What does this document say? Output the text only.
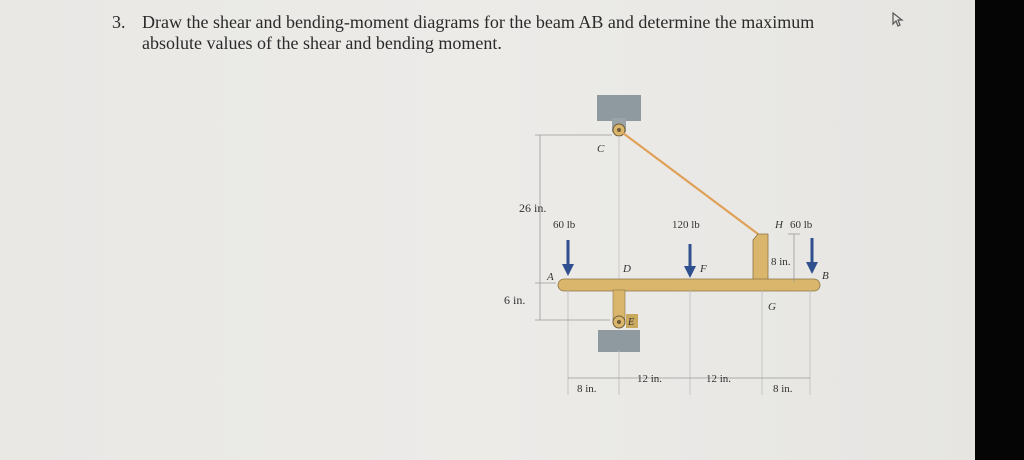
3. Draw the shear and bending-moment diagrams for the beam AB and determine the maximum absolute values of the shear and bending moment.
26 in.
6 in.
60 lb
A
C
D
E
120 lb
F
H 60 lb
8 in.
B
G
8 in.
12 in.	12 in.
8 in.
